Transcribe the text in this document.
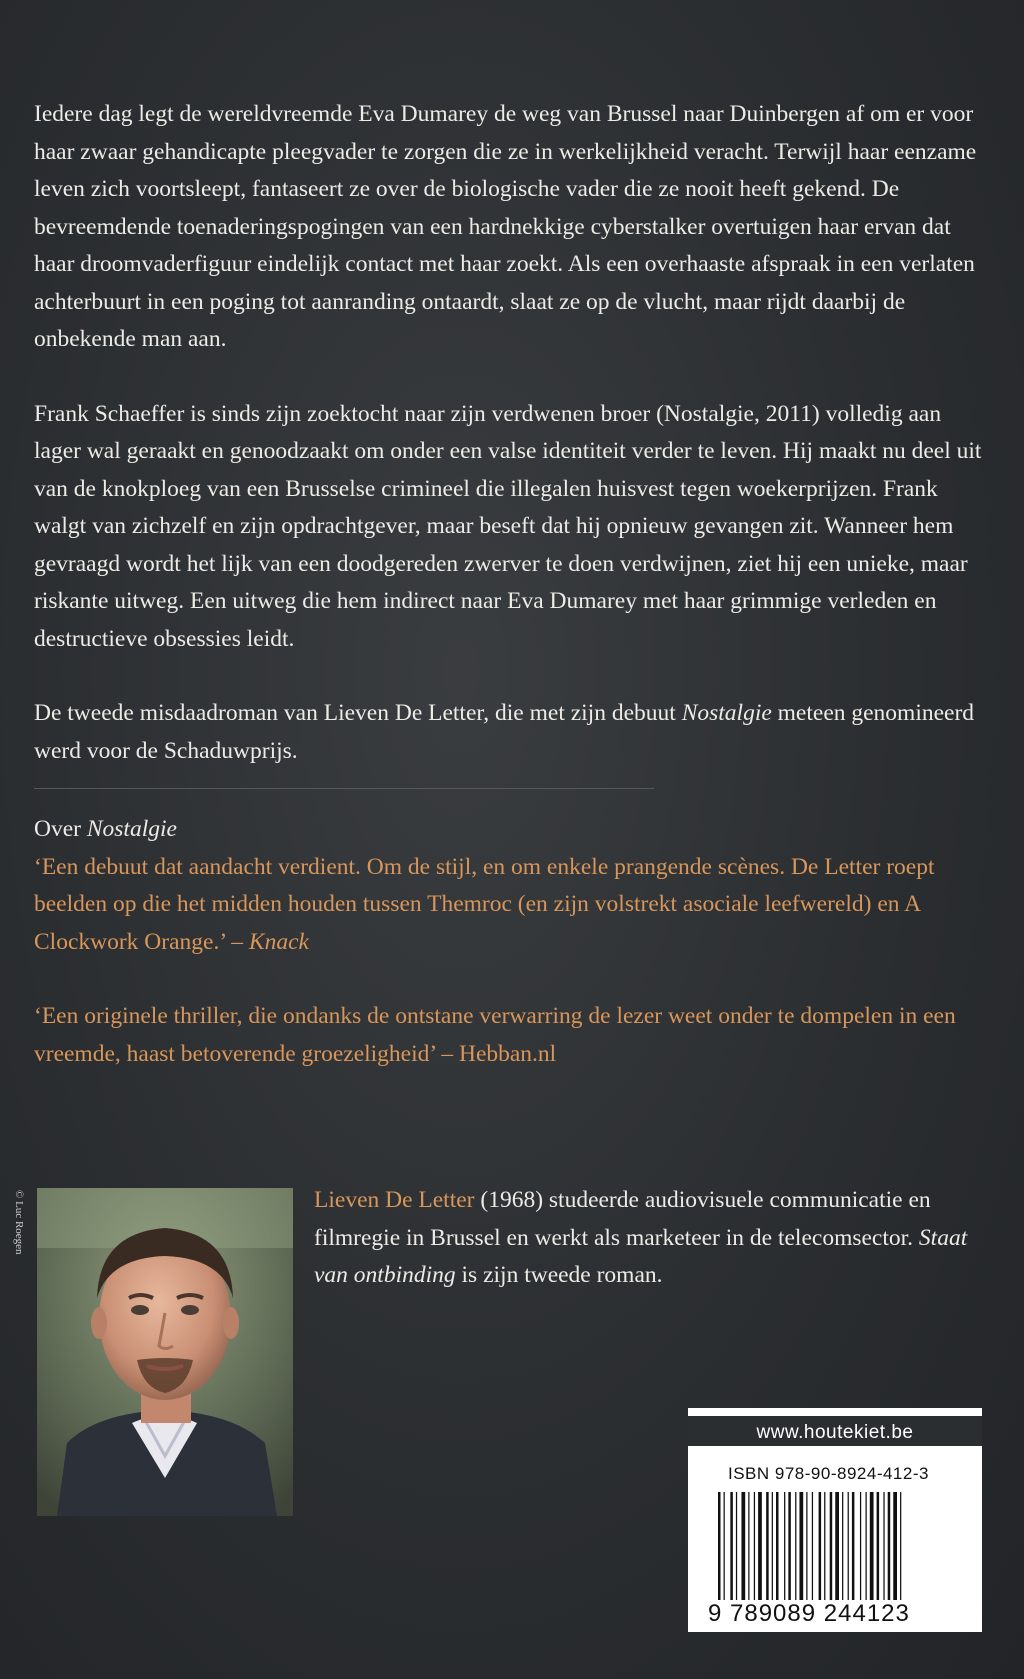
Iedere dag legt de wereldvreemde Eva Dumarey de weg van Brussel naar Duinbergen af om er voor haar zwaar gehandicapte pleegvader te zorgen die ze in werkelijkheid veracht. Terwijl haar eenzame leven zich voortsleept, fantaseert ze over de biologische vader die ze nooit heeft gekend. De bevreemdende toenaderingspogingen van een hardnekkige cyberstalker overtuigen haar ervan dat haar droomvaderfiguur eindelijk contact met haar zoekt. Als een overhaaste afspraak in een verlaten achterbuurt in een poging tot aanranding ontaardt, slaat ze op de vlucht, maar rijdt daarbij de onbekende man aan.

Frank Schaeffer is sinds zijn zoektocht naar zijn verdwenen broer (Nostalgie, 2011) volledig aan lager wal geraakt en genoodzaakt om onder een valse identiteit verder te leven. Hij maakt nu deel uit van de knokploeg van een Brusselse crimineel die illegalen huisvest tegen woekerprijzen. Frank walgt van zichzelf en zijn opdrachtgever, maar beseft dat hij opnieuw gevangen zit. Wanneer hem gevraagd wordt het lijk van een doodgereden zwerver te doen verdwijnen, ziet hij een unieke, maar riskante uitweg. Een uitweg die hem indirect naar Eva Dumarey met haar grimmige verleden en destructieve obsessies leidt.

De tweede misdaadroman van Lieven De Letter, die met zijn debuut Nostalgie meteen genomineerd werd voor de Schaduwprijs.

Over Nostalgie

‘Een debuut dat aandacht verdient. Om de stijl, en om enkele prangende scènes. De Letter roept beelden op die het midden houden tussen Themroc (en zijn volstrekt asociale leefwereld) en A Clockwork Orange.’ – Knack

‘Een originele thriller, die ondanks de ontstane verwarring de lezer weet onder te dompelen in een vreemde, haast betoverende groezeligheid’ – Hebban.nl

© Luc Roegen	Lieven De Letter (1968) studeerde audiovisuele communicatie en filmregie in Brussel en werkt als marketeer in de telecomsector. Staat van ontbinding is zijn tweede roman.
www.houtekiet.be
ISBN 978-90-8924-412-3
9 789089 244123
